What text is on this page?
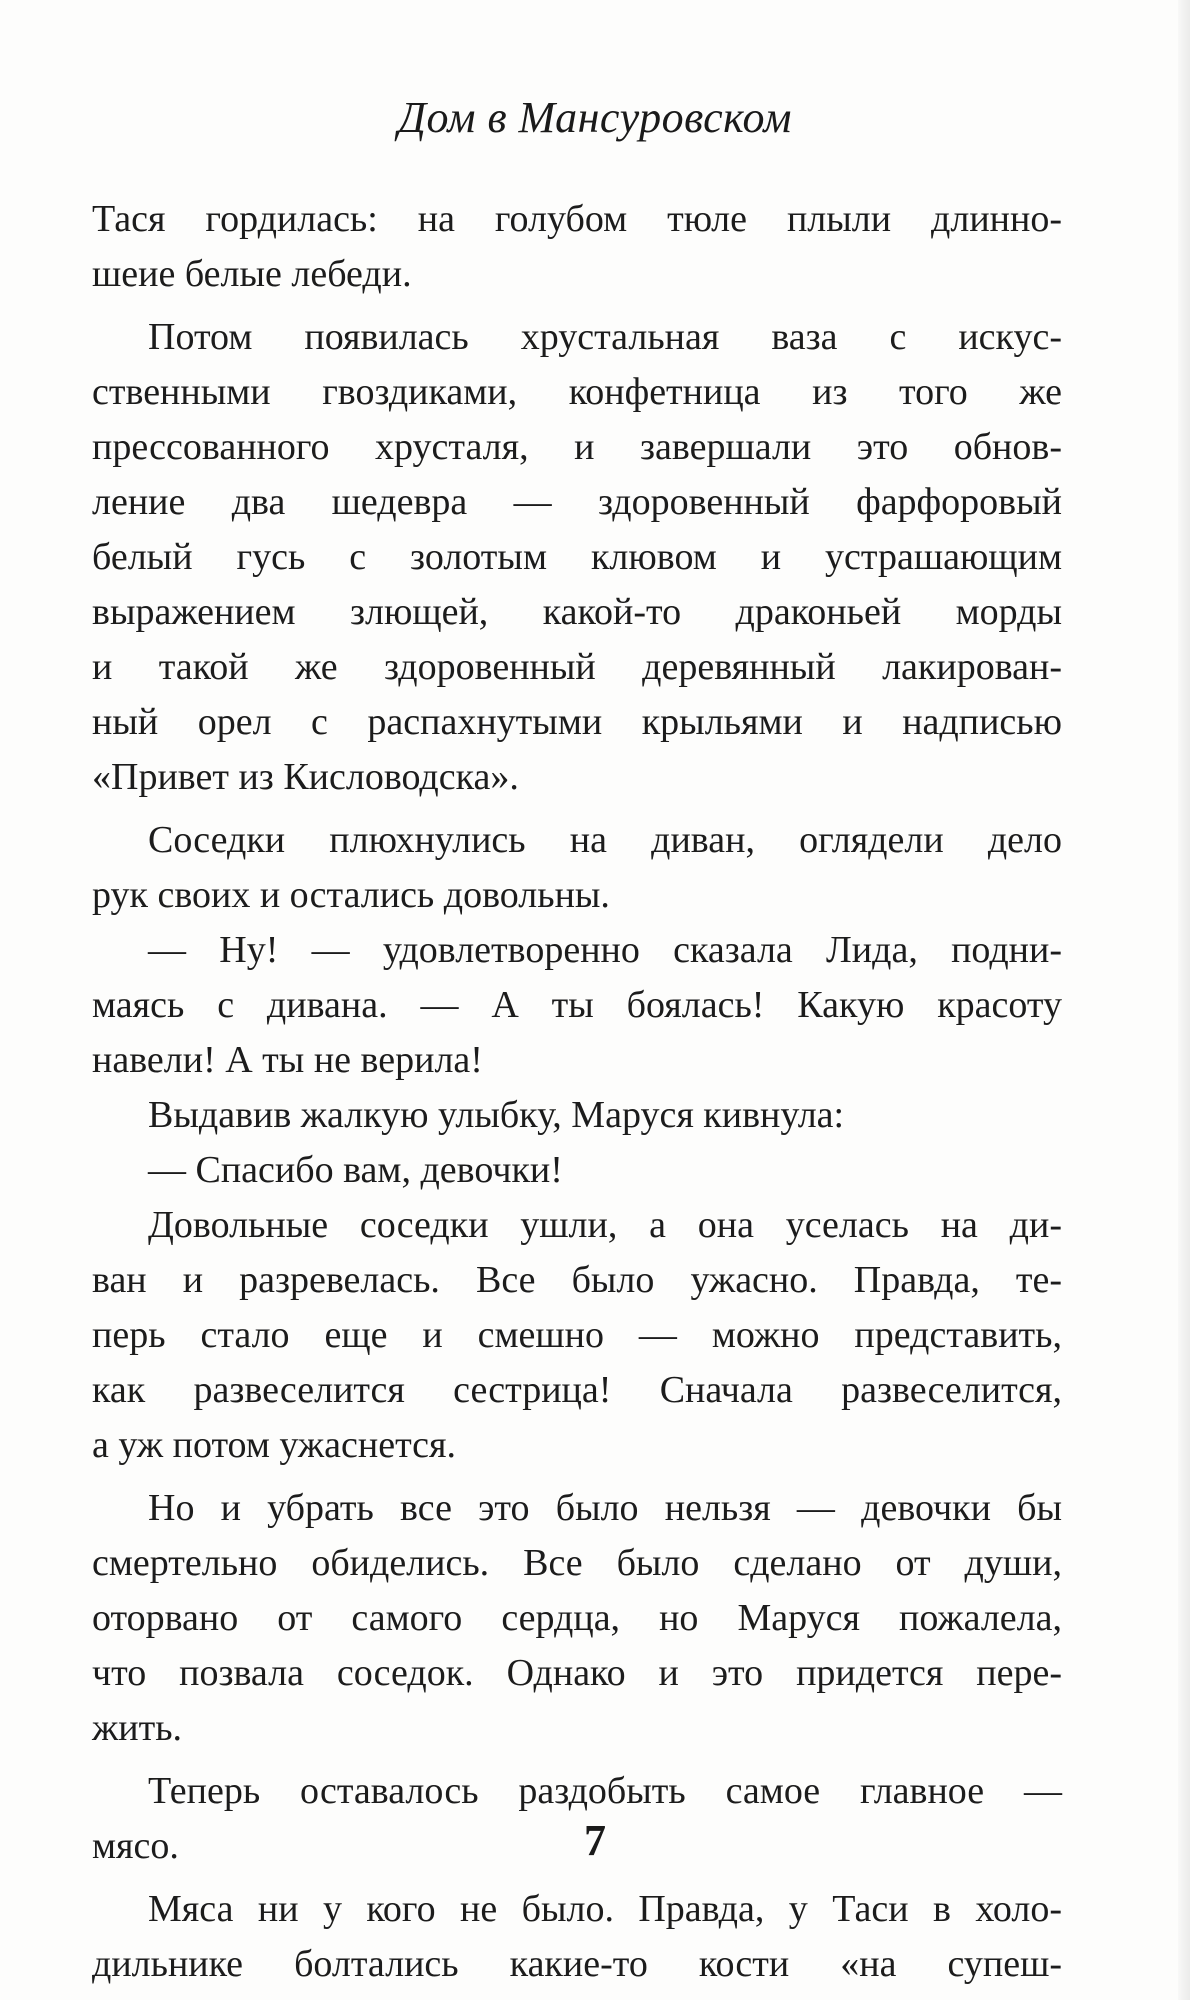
Дом в Мансуровском
Тася гордилась: на голубом тюле плыли длинно-
шеие белые лебеди.
Потом появилась хрустальная ваза с искус-
ственными гвоздиками, конфетница из того же
прессованного хрусталя, и завершали это обнов-
ление два шедевра — здоровенный фарфоровый
белый гусь с золотым клювом и устрашающим
выражением злющей, какой-то драконьей морды
и такой же здоровенный деревянный лакирован-
ный орел с распахнутыми крыльями и надписью
«Привет из Кисловодска».
Соседки плюхнулись на диван, оглядели дело
рук своих и остались довольны.
— Ну! — удовлетворенно сказала Лида, подни-
маясь с дивана. — А ты боялась! Какую красоту
навели! А ты не верила!
Выдавив жалкую улыбку, Маруся кивнула:
— Спасибо вам, девочки!
Довольные соседки ушли, а она уселась на ди-
ван и разревелась. Все было ужасно. Правда, те-
перь стало еще и смешно — можно представить,
как развеселится сестрица! Сначала развеселится,
а уж потом ужаснется.
Но и убрать все это было нельзя — девочки бы
смертельно обиделись. Все было сделано от души,
оторвано от самого сердца, но Маруся пожалела,
что позвала соседок. Однако и это придется пере-
жить.
Теперь оставалось раздобыть самое главное —
мясо.
Мяса ни у кого не было. Правда, у Таси в холо-
дильнике болтались какие-то кости «на супеш-
7
